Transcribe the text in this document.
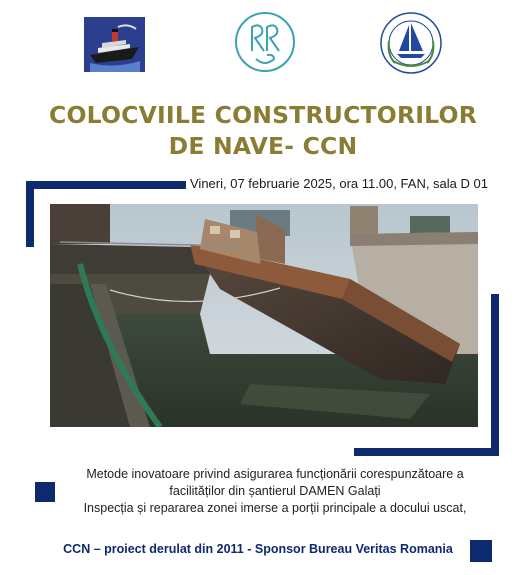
COLOCVIILE CONSTRUCTORILOR
DE NAVE- CCN
Vineri, 07 februarie 2025, ora 11.00, FAN, sala D 01
Metode inovatoare privind asigurarea funcționării corespunzătoare a
facilităților din șantierul DAMEN Galați
Inspecția și repararea zonei imerse a porții principale a docului uscat,
CCN – proiect derulat din 2011 - Sponsor Bureau Veritas Romania
